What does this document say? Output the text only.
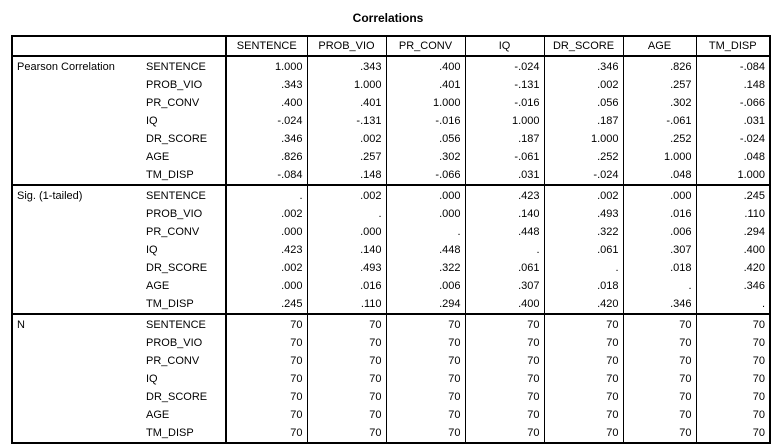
Correlations
		SENTENCE	PROB_VIO	PR_CONV	IQ	DR_SCORE	AGE	TM_DISP
Pearson Correlation	SENTENCE	1.000	.343	.400	-.024	.346	.826	-.084
	PROB_VIO	.343	1.000	.401	-.131	.002	.257	.148
	PR_CONV	.400	.401	1.000	-.016	.056	.302	-.066
	IQ	-.024	-.131	-.016	1.000	.187	-.061	.031
	DR_SCORE	.346	.002	.056	.187	1.000	.252	-.024
	AGE	.826	.257	.302	-.061	.252	1.000	.048
	TM_DISP	-.084	.148	-.066	.031	-.024	.048	1.000
Sig. (1-tailed)	SENTENCE	.	.002	.000	.423	.002	.000	.245
	PROB_VIO	.002	.	.000	.140	.493	.016	.110
	PR_CONV	.000	.000	.	.448	.322	.006	.294
	IQ	.423	.140	.448	.	.061	.307	.400
	DR_SCORE	.002	.493	.322	.061	.	.018	.420
	AGE	.000	.016	.006	.307	.018	.	.346
	TM_DISP	.245	.110	.294	.400	.420	.346	.
N	SENTENCE	70	70	70	70	70	70	70
	PROB_VIO	70	70	70	70	70	70	70
	PR_CONV	70	70	70	70	70	70	70
	IQ	70	70	70	70	70	70	70
	DR_SCORE	70	70	70	70	70	70	70
	AGE	70	70	70	70	70	70	70
	TM_DISP	70	70	70	70	70	70	70
